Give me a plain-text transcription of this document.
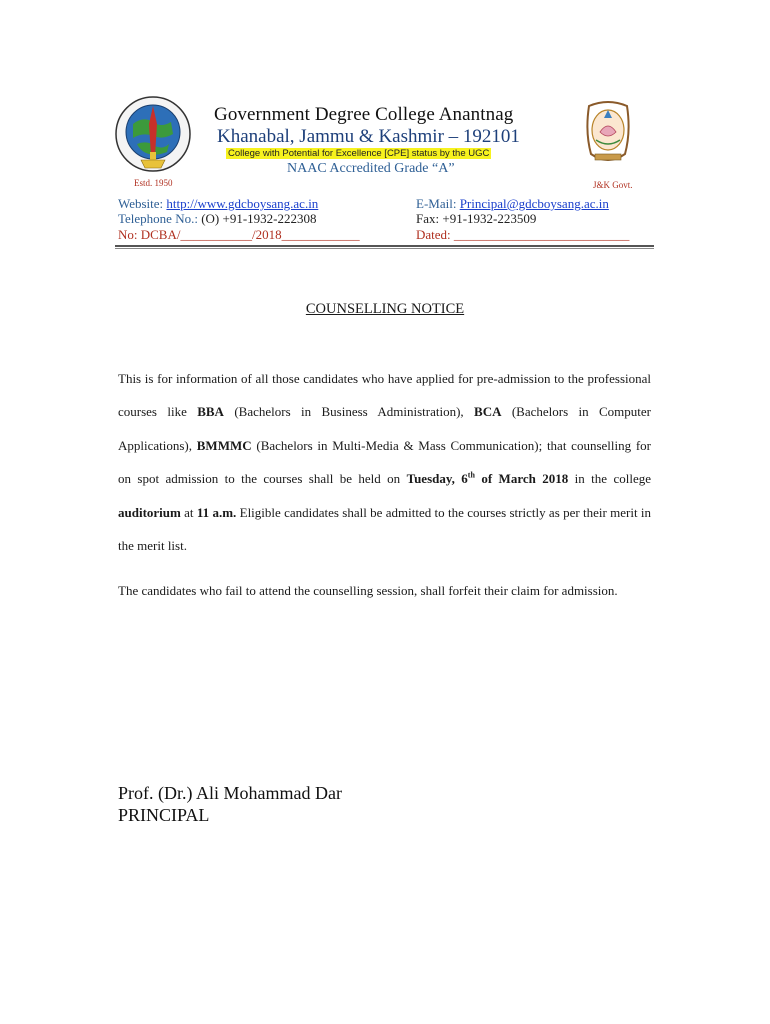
Estd. 1950	J&K Govt.
Government Degree College Anantnag
Khanabal, Jammu & Kashmir – 192101
College with Potential for Excellence [CPE] status by the UGC
NAAC Accredited Grade “A”
Website: http://www.gdcboysang.ac.in
Telephone No.: (O) +91-1932-222308
No: DCBA/___________/2018____________
E-Mail: Principal@gdcboysang.ac.in
Fax: +91-1932-223509
Dated: ___________________________
COUNSELLING NOTICE
This is for information of all those candidates who have applied for pre-admission to the professional courses like BBA (Bachelors in Business Administration), BCA (Bachelors in Computer Applications), BMMMC (Bachelors in Multi-Media & Mass Communication); that counselling for on spot admission to the courses shall be held on Tuesday, 6th of March 2018 in the college auditorium at 11 a.m. Eligible candidates shall be admitted to the courses strictly as per their merit in the merit list.
The candidates who fail to attend the counselling session, shall forfeit their claim for admission.
Prof. (Dr.) Ali Mohammad Dar
PRINCIPAL
